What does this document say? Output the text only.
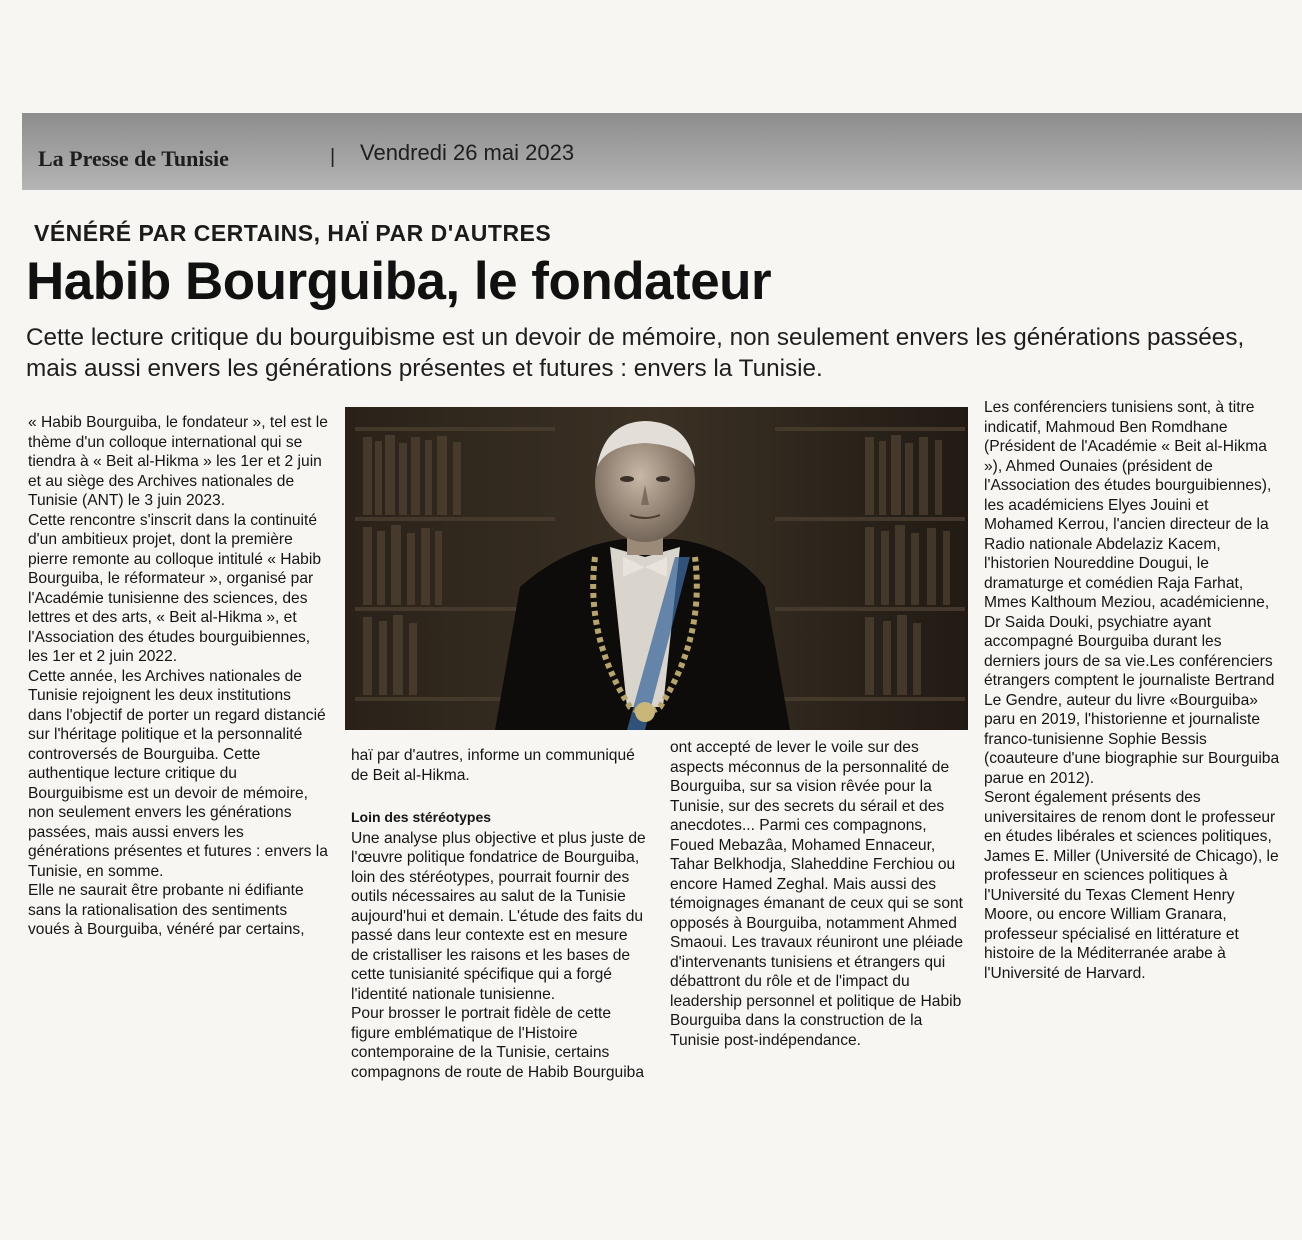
La Presse de Tunisie	| Vendredi 26 mai 2023
VÉNÉRÉ PAR CERTAINS, HAÏ PAR D'AUTRES
Habib Bourguiba, le fondateur
Cette lecture critique du bourguibisme est un devoir de mémoire, non seulement envers les générations passées, mais aussi envers les générations présentes et futures : envers la Tunisie.

« Habib Bourguiba, le fondateur », tel est le thème d'un colloque international qui se tiendra à « Beit al-Hikma » les 1er et 2 juin et au siège des Archives nationales de Tunisie (ANT) le 3 juin 2023.

Cette rencontre s'inscrit dans la continuité d'un ambitieux projet, dont la première pierre remonte au colloque intitulé « Habib Bourguiba, le réformateur », organisé par l'Académie tunisienne des sciences, des lettres et des arts, « Beit al-Hikma », et l'Association des études bourguibiennes, les 1er et 2 juin 2022.

Cette année, les Archives nationales de Tunisie rejoignent les deux institutions dans l'objectif de porter un regard distancié sur l'héritage politique et la personnalité controversés de Bourguiba. Cette authentique lecture critique du Bourguibisme est un devoir de mémoire, non seulement envers les générations passées, mais aussi envers les générations présentes et futures : envers la Tunisie, en somme.

Elle ne saurait être probante ni édifiante sans la rationalisation des sentiments voués à Bourguiba, vénéré par certains,

haï par d'autres, informe un communiqué de Beit al-Hikma.

Loin des stéréotypes

Une analyse plus objective et plus juste de l'œuvre politique fondatrice de Bourguiba, loin des stéréotypes, pourrait fournir des outils nécessaires au salut de la Tunisie aujourd'hui et demain. L'étude des faits du passé dans leur contexte est en mesure de cristalliser les raisons et les bases de cette tunisianité spécifique qui a forgé l'identité nationale tunisienne.

Pour brosser le portrait fidèle de cette figure emblématique de l'Histoire contemporaine de la Tunisie, certains compagnons de route de Habib Bourguiba

ont accepté de lever le voile sur des aspects méconnus de la personnalité de Bourguiba, sur sa vision rêvée pour la Tunisie, sur des secrets du sérail et des anecdotes... Parmi ces compagnons, Foued Mebazâa, Mohamed Ennaceur, Tahar Belkhodja, Slaheddine Ferchiou ou encore Hamed Zeghal. Mais aussi des témoignages émanant de ceux qui se sont opposés à Bourguiba, notamment Ahmed Smaoui. Les travaux réuniront une pléiade d'intervenants tunisiens et étrangers qui débattront du rôle et de l'impact du leadership personnel et politique de Habib Bourguiba dans la construction de la Tunisie post-indépendance.

Les conférenciers tunisiens sont, à titre indicatif, Mahmoud Ben Romdhane (Président de l'Académie « Beit al-Hikma »), Ahmed Ounaies (président de l'Association des études bourguibiennes), les académiciens Elyes Jouini et Mohamed Kerrou, l'ancien directeur de la Radio nationale Abdelaziz Kacem, l'historien Noureddine Dougui, le dramaturge et comédien Raja Farhat, Mmes Kalthoum Meziou, académicienne, Dr Saida Douki, psychiatre ayant accompagné Bourguiba durant les derniers jours de sa vie.Les conférenciers étrangers comptent le journaliste Bertrand Le Gendre, auteur du livre «Bourguiba» paru en 2019, l'historienne et journaliste franco-tunisienne Sophie Bessis (coauteure d'une biographie sur Bourguiba parue en 2012).

Seront également présents des universitaires de renom dont le professeur en études libérales et sciences politiques, James E. Miller (Université de Chicago), le professeur en sciences politiques à l'Université du Texas Clement Henry Moore, ou encore William Granara, professeur spécialisé en littérature et histoire de la Méditerranée arabe à l'Université de Harvard.
